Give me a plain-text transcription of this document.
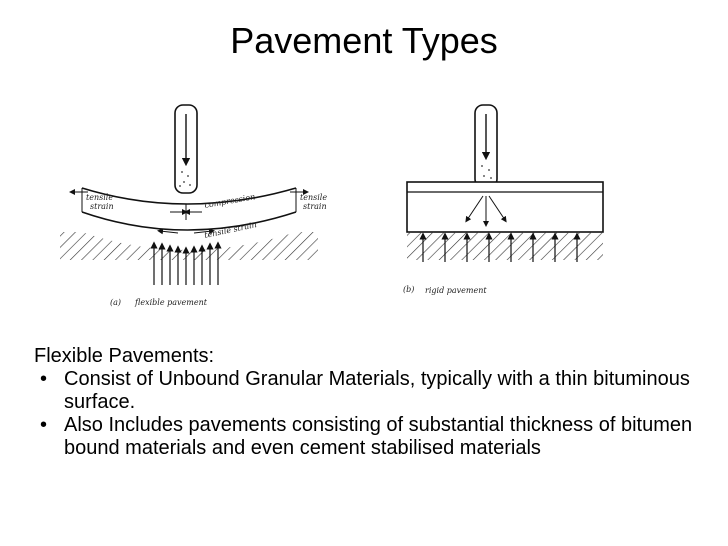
Pavement Types
tensile
strain
tensile
strain
compression
tensile strain
(a) flexible pavement
(b) rigid pavement

Flexible Pavements:

• Consist of Unbound Granular Materials, typically with a thin bituminous surface.
• Also Includes pavements consisting of substantial thickness of bitumen bound materials and even cement stabilised materials
